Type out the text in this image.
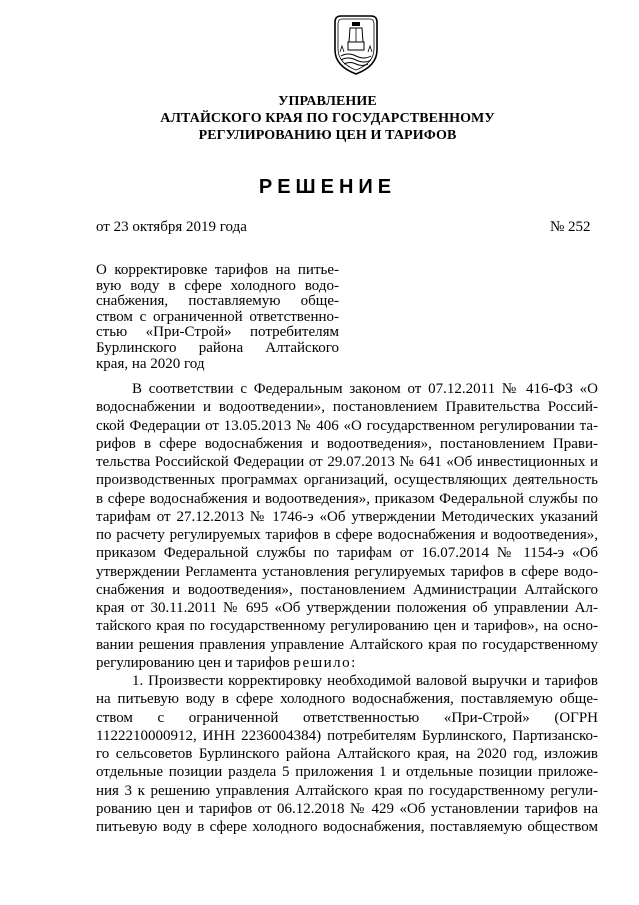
УПРАВЛЕНИЕ
АЛТАЙСКОГО КРАЯ ПО ГОСУДАРСТВЕННОМУ
РЕГУЛИРОВАНИЮ ЦЕН И ТАРИФОВ
РЕШЕНИЕ
от 23 октября 2019 года	№ 252
О корректировке тарифов на питье-
вую воду в сфере холодного водо-
снабжения, поставляемую обще-
ством с ограниченной ответственно-
стью «При-Строй» потребителям
Бурлинского района Алтайского
края, на 2020 год
В соответствии с Федеральным законом от 07.12.2011 № 416-ФЗ «О
водоснабжении и водоотведении», постановлением Правительства Россий-
ской Федерации от 13.05.2013 № 406 «О государственном регулировании та-
рифов в сфере водоснабжения и водоотведения», постановлением Прави-
тельства Российской Федерации от 29.07.2013 № 641 «Об инвестиционных и
производственных программах организаций, осуществляющих деятельность
в сфере водоснабжения и водоотведения», приказом Федеральной службы по
тарифам от 27.12.2013 № 1746-э «Об утверждении Методических указаний
по расчету регулируемых тарифов в сфере водоснабжения и водоотведения»,
приказом Федеральной службы по тарифам от 16.07.2014 № 1154-э «Об
утверждении Регламента установления регулируемых тарифов в сфере водо-
снабжения и водоотведения», постановлением Администрации Алтайского
края от 30.11.2011 № 695 «Об утверждении положения об управлении Ал-
тайского края по государственному регулированию цен и тарифов», на осно-
вании решения правления управление Алтайского края по государственному
регулированию цен и тарифов решило:
1. Произвести корректировку необходимой валовой выручки и тарифов
на питьевую воду в сфере холодного водоснабжения, поставляемую обще-
ством с ограниченной ответственностью «При-Строй» (ОГРН
1122210000912, ИНН 2236004384) потребителям Бурлинского, Партизанско-
го сельсоветов Бурлинского района Алтайского края, на 2020 год, изложив
отдельные позиции раздела 5 приложения 1 и отдельные позиции приложе-
ния 3 к решению управления Алтайского края по государственному регули-
рованию цен и тарифов от 06.12.2018 № 429 «Об установлении тарифов на
питьевую воду в сфере холодного водоснабжения, поставляемую обществом
